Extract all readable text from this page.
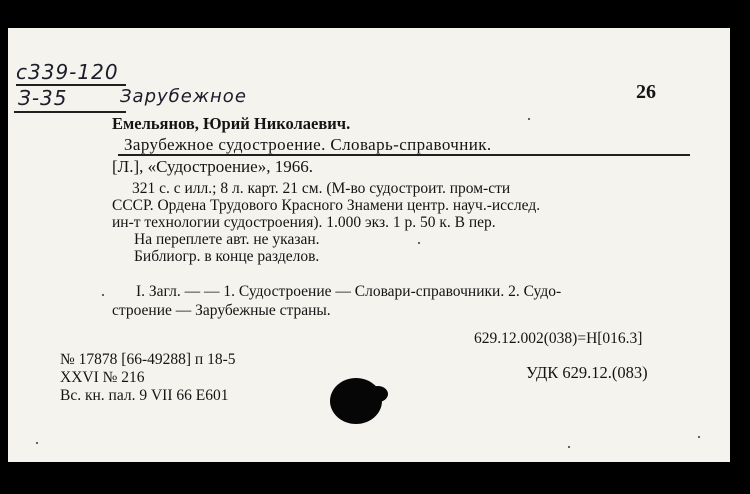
c339-120
З-35	Зарубежное	26
Емельянов, Юрий Николаевич.
Зарубежное судостроение. Словарь-справочник.
[Л.], «Судостроение», 1966.
321 с. с илл.; 8 л. карт. 21 см. (М-во судостроит. пром-сти
СССР. Ордена Трудового Красного Знамени центр. науч.-исслед.
ин-т технологии судостроения). 1.000 экз. 1 р. 50 к. В пер.
На переплете авт. не указан.
Библиогр. в конце разделов.
I. Загл. — — 1. Судостроение — Словари-справочники. 2. Судо-
строение — Зарубежные страны.
629.12.002(038)=Н[016.3]
УДК 629.12.(083)
№ 17878 [66-49288] п 18-5
XXVI № 216
Вс. кн. пал. 9 VII 66 Е601
